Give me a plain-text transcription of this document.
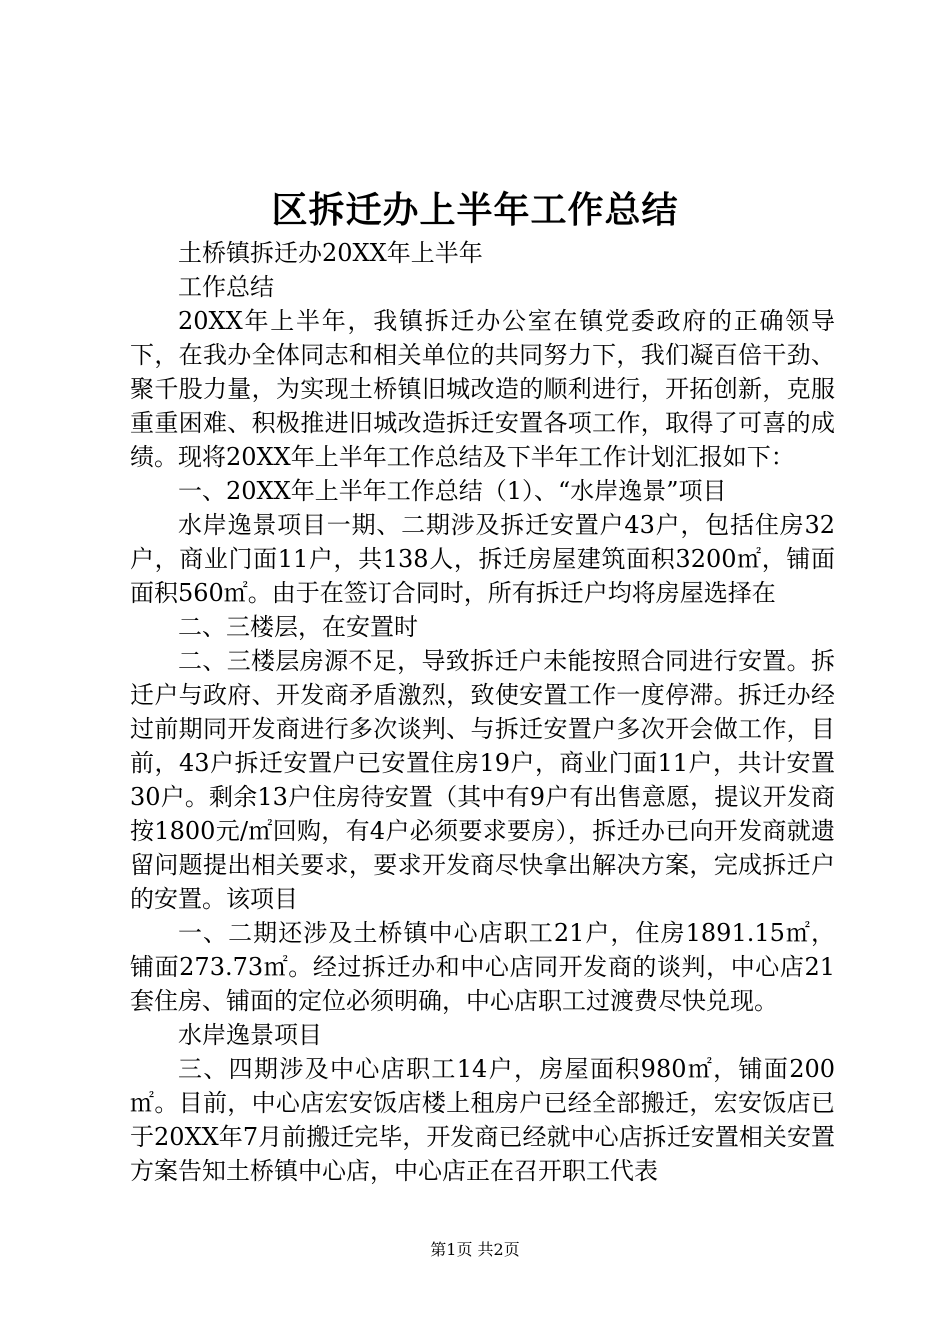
区拆迁办上半年工作总结

土桥镇拆迁办20XX年上半年

工作总结

20XX年上半年，我镇拆迁办公室在镇党委政府的正确领导下，在我办全体同志和相关单位的共同努力下，我们凝百倍干劲、聚千股力量，为实现土桥镇旧城改造的顺利进行，开拓创新，克服重重困难、积极推进旧城改造拆迁安置各项工作，取得了可喜的成绩。现将20XX年上半年工作总结及下半年工作计划汇报如下：

一、20XX年上半年工作总结（1）、“水岸逸景”项目

水岸逸景项目一期、二期涉及拆迁安置户43户，包括住房32户，商业门面11户，共138人，拆迁房屋建筑面积3200㎡，铺面面积560㎡。由于在签订合同时，所有拆迁户均将房屋选择在

二、三楼层，在安置时

二、三楼层房源不足，导致拆迁户未能按照合同进行安置。拆迁户与政府、开发商矛盾激烈，致使安置工作一度停滞。拆迁办经过前期同开发商进行多次谈判、与拆迁安置户多次开会做工作，目前，43户拆迁安置户已安置住房19户，商业门面11户，共计安置30户。剩余13户住房待安置（其中有9户有出售意愿，提议开发商按1800元/㎡回购，有4户必须要求要房），拆迁办已向开发商就遗留问题提出相关要求，要求开发商尽快拿出解决方案，完成拆迁户的安置。该项目

一、二期还涉及土桥镇中心店职工21户，住房1891.15㎡，铺面273.73㎡。经过拆迁办和中心店同开发商的谈判，中心店21套住房、铺面的定位必须明确，中心店职工过渡费尽快兑现。

水岸逸景项目

三、四期涉及中心店职工14户，房屋面积980㎡，铺面200㎡。目前，中心店宏安饭店楼上租房户已经全部搬迁，宏安饭店已于20XX年7月前搬迁完毕，开发商已经就中心店拆迁安置相关安置方案告知土桥镇中心店，中心店正在召开职工代表

第1页 共2页
